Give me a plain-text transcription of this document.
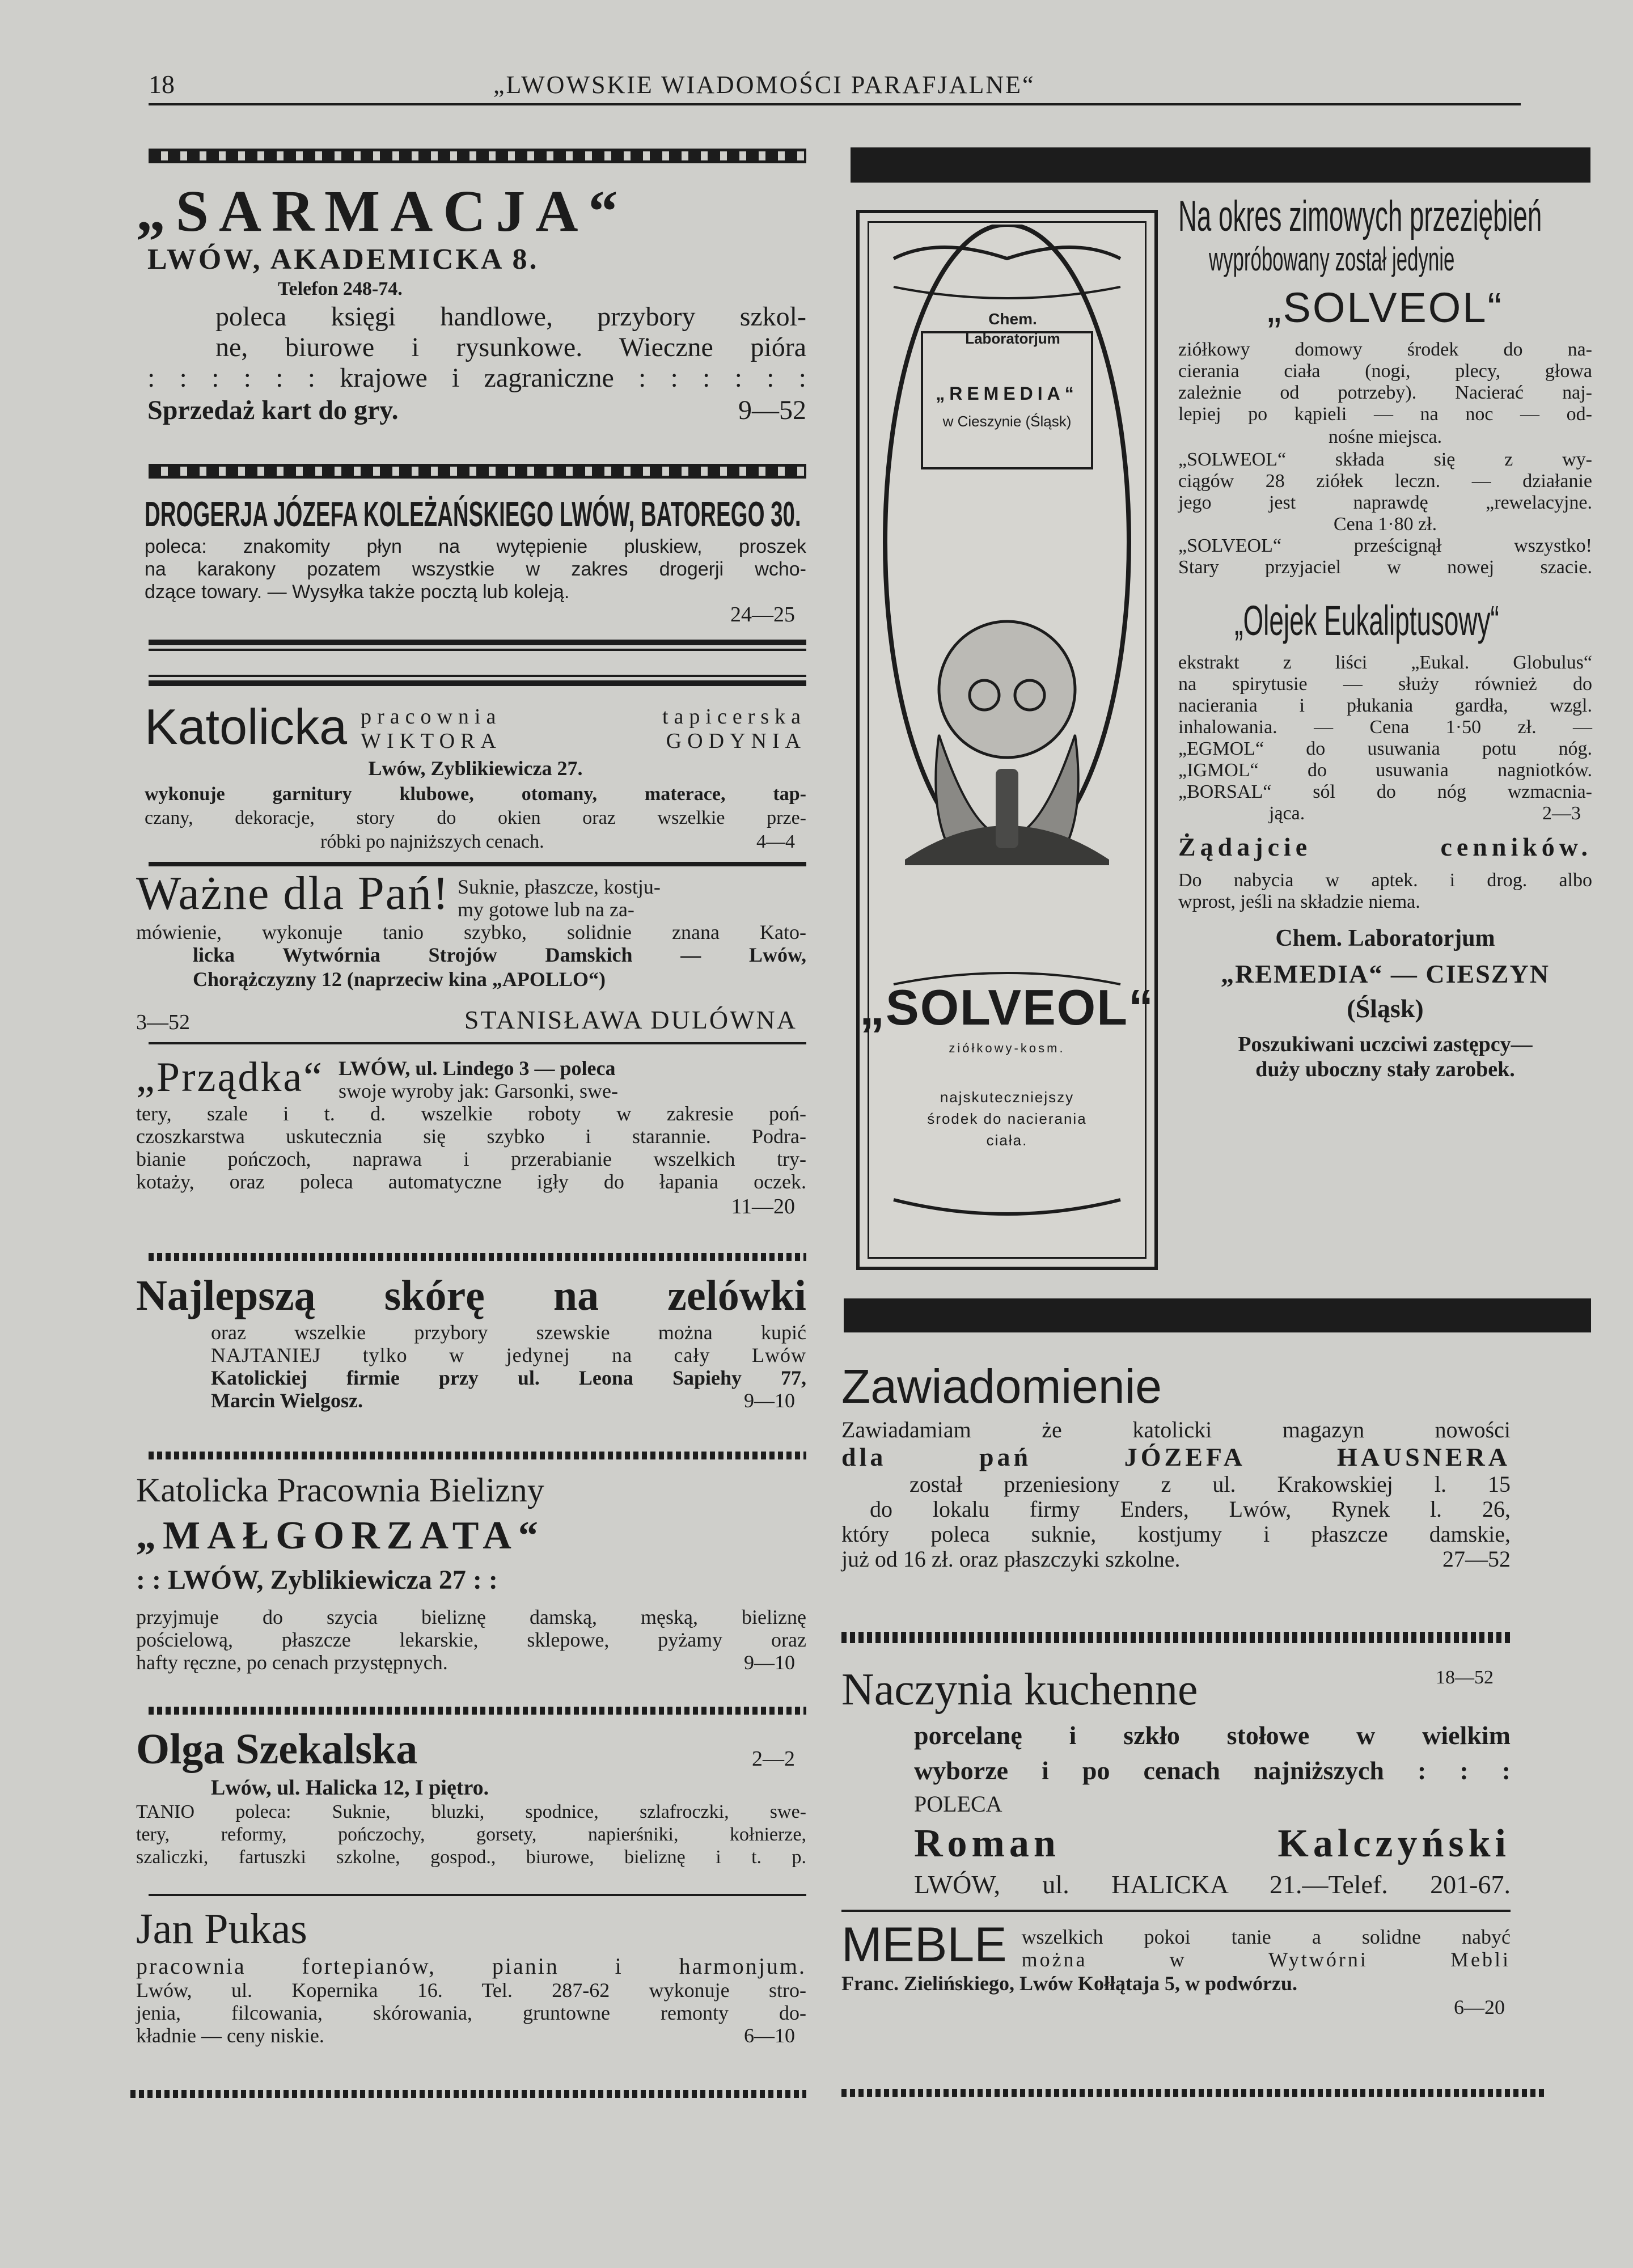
18	„LWOWSKIE WIADOMOŚCI PARAFJALNE“
„SARMACJA“
LWÓW, AKADEMICKA 8.
Telefon 248-74.
poleca księgi handlowe, przybory szkol-
ne, biurowe i rysunkowe. Wieczne pióra
: : : : : : krajowe i zagraniczne : : : : : :
Sprzedaż kart do gry.	9—52
DROGERJA JÓZEFA KOLEŻAŃSKIEGO LWÓW, BATOREGO 30.
poleca: znakomity płyn na wytępienie pluskiew, proszek
na karakony pozatem wszystkie w zakres drogerji wcho-
dzące towary. — Wysyłka także pocztą lub koleją.
24—25
Katolicka pracownia tapicerska
WIKTORA GODYNIA
Lwów, Zyblikiewicza 27.
wykonuje garnitury klubowe, otomany, materace, tap-
czany, dekoracje, story do okien oraz wszelkie prze-
róbki po najniższych cenach.	4—4
Ważne dla Pań! Suknie, płaszcze, kostju-
my gotowe lub na za-
mówienie, wykonuje tanio szybko, solidnie znana Kato-
licka Wytwórnia Strojów Damskich — Lwów,
Chorążczyzny 12 (naprzeciw kina „APOLLO“)
3—52	STANISŁAWA DULÓWNA
„Prządka“ LWÓW, ul. Lindego 3 — poleca
swoje wyroby jak: Garsonki, swe-
tery, szale i t. d. wszelkie roboty w zakresie poń-
czoszkarstwa uskutecznia się szybko i starannie. Podra-
bianie pończoch, naprawa i przerabianie wszelkich try-
kotaży, oraz poleca automatyczne igły do łapania oczek.
11—20
Najlepszą skórę na zelówki
oraz wszelkie przybory szewskie można kupić
NAJTANIEJ tylko w jedynej na cały Lwów
Katolickiej firmie przy ul. Leona Sapiehy 77,
Marcin Wielgosz.	9—10
Katolicka Pracownia Bielizny
„MAŁGORZATA“
: : LWÓW, Zyblikiewicza 27 : :
przyjmuje do szycia bieliznę damską, męską, bieliznę
pościelową, płaszcze lekarskie, sklepowe, pyżamy oraz
hafty ręczne, po cenach przystępnych.	9—10
Olga Szekalska	2—2
Lwów, ul. Halicka 12, I piętro.
TANIO poleca: Suknie, bluzki, spodnice, szlafroczki, swe-
tery, reformy, pończochy, gorsety, napierśniki, kołnierze,
szaliczki, fartuszki szkolne, gospod., biurowe, bieliznę i t. p.
Jan Pukas
pracownia fortepianów, pianin i harmonjum.
Lwów, ul. Kopernika 16. Tel. 287-62 wykonuje stro-
jenia, filcowania, skórowania, gruntowne remonty do-
kładnie — ceny niskie.	6—10
Chem.
Laboratorjum
„REMEDIA“
w Cieszynie (Śląsk)
„SOLVEOL“
ziółkowy-kosm.
najskuteczniejszy
środek do nacierania
ciała.
Na okres zimowych przeziębień
wypróbowany został jedynie
„SOLVEOL“
ziółkowy domowy środek do na-
cierania ciała (nogi, plecy, głowa
zależnie od potrzeby). Nacierać naj-
lepiej po kąpieli — na noc — od-
nośne miejsca.
„SOLWEOL“ składa się z wy-
ciągów 28 ziółek leczn. — działanie
jego jest naprawdę „rewelacyjne.
Cena 1·80 zł.
„SOLVEOL“ prześcignął wszystko!
Stary przyjaciel w nowej szacie.
„Olejek Eukaliptusowy“
ekstrakt z liści „Eukal. Globulus“
na spirytusie — służy również do
nacierania i płukania gardła, wzgl.
inhalowania. — Cena 1·50 zł. —
„EGMOL“ do usuwania potu nóg.
„IGMOL“ do usuwania nagniotków.
„BORSAL“ sól do nóg wzmacnia-
jąca.	2—3
Żądajcie cenników.
Do nabycia w aptek. i drog. albo
wprost, jeśli na składzie niema.
Chem. Laboratorjum
„REMEDIA“ — CIESZYN
(Śląsk)
Poszukiwani uczciwi zastępcy—
duży uboczny stały zarobek.
Zawiadomienie
Zawiadamiam że katolicki magazyn nowości
dla pań JÓZEFA HAUSNERA
został przeniesiony z ul. Krakowskiej l. 15
do lokalu firmy Enders, Lwów, Rynek l. 26,
który poleca suknie, kostjumy i płaszcze damskie,
już od 16 zł. oraz płaszczyki szkolne.	27—52
Naczynia kuchenne	18—52
porcelanę i szkło stołowe w wielkim
wyborze i po cenach najniższych : : :
POLECA
Roman Kalczyński
LWÓW, ul. HALICKA 21.—Telef. 201-67.
MEBLE wszelkich pokoi tanie a solidne nabyć
można w Wytwórni Mebli
Franc. Zielińskiego, Lwów Kołłątaja 5, w podwórzu.
6—20
